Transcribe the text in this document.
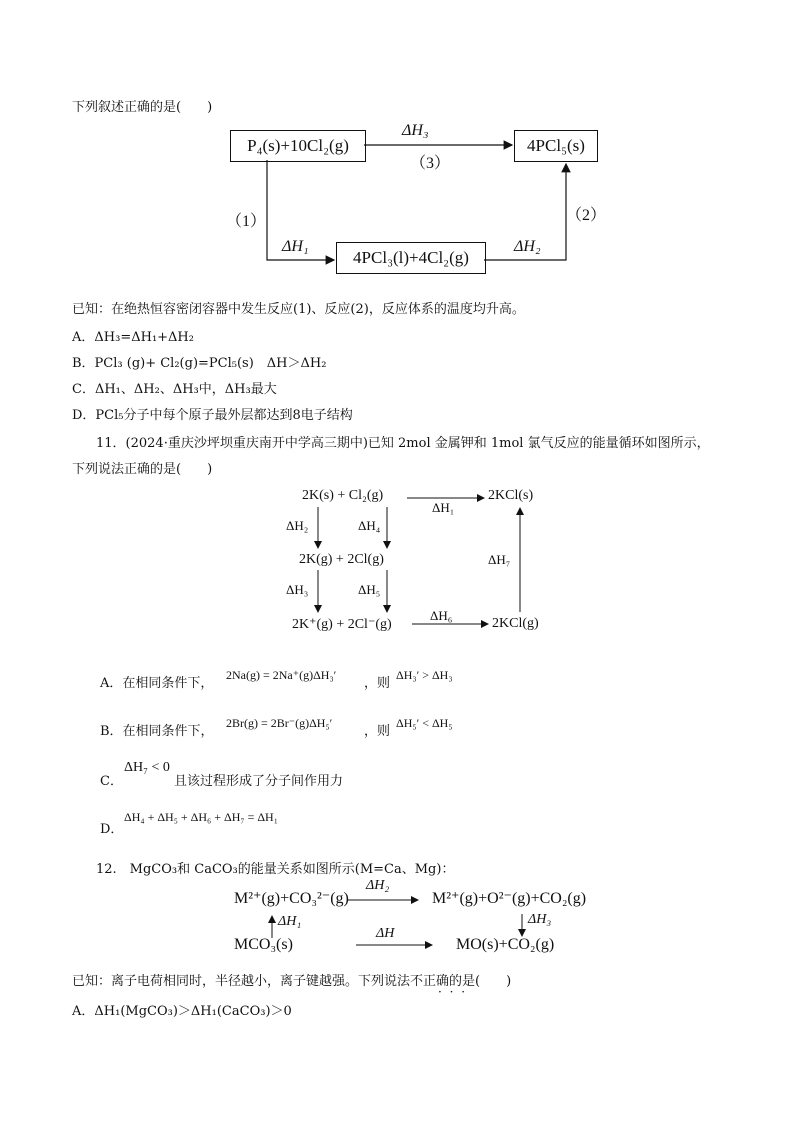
下列叙述正确的是(　　)
P₄(s)+10Cl₂(g)	4PCl₅(s)
4PCl₃(l)+4Cl₂(g)
ΔH₃
（3）
（1）	（2）
ΔH₁	ΔH₂
已知：在绝热恒容密闭容器中发生反应(1)、反应(2)，反应体系的温度均升高。
A．ΔH₃=ΔH₁+ΔH₂
B．PCl₃ (g)+ Cl₂(g)=PCl₅(s)　ΔH＞ΔH₂
C．ΔH₁、ΔH₂、ΔH₃中，ΔH₃最大
D．PCl₅分子中每个原子最外层都达到8电子结构
11．(2024·重庆沙坪坝重庆南开中学高三期中)已知 2mol 金属钾和 1mol 氯气反应的能量循环如图所示，
下列说法正确的是(　　)
2K(s) + Cl₂(g)	2KCl(s)
2K(g) + 2Cl(g)
2K⁺(g) + 2Cl⁻(g)	2KCl(g)
ΔH₁
ΔH₂	ΔH₄
ΔH₃	ΔH₅
ΔH₆
ΔH₇
A．在相同条件下，
2Na(g) = 2Na⁺(g)ΔH₃′
，则
ΔH₃′ > ΔH₃
B．在相同条件下，
2Br(g) = 2Br⁻(g)ΔH₅′
，则
ΔH₅′ < ΔH₅
C．
ΔH₇ < 0
且该过程形成了分子间作用力
ΔH₄ + ΔH₅ + ΔH₆ + ΔH₇ = ΔH₁
D．
12.　MgCO₃和 CaCO₃的能量关系如图所示(M=Ca、Mg)：
M²⁺(g)+CO₃²⁻(g)	M²⁺(g)+O²⁻(g)+CO₂(g)
MCO₃(s)	MO(s)+CO₂(g)
ΔH₂
ΔH
ΔH₁	ΔH₃
已知：离子电荷相同时，半径越小，离子键越强。下列说法不正确的是(　　)
· · ·
A．ΔH₁(MgCO₃)＞ΔH₁(CaCO₃)＞0
